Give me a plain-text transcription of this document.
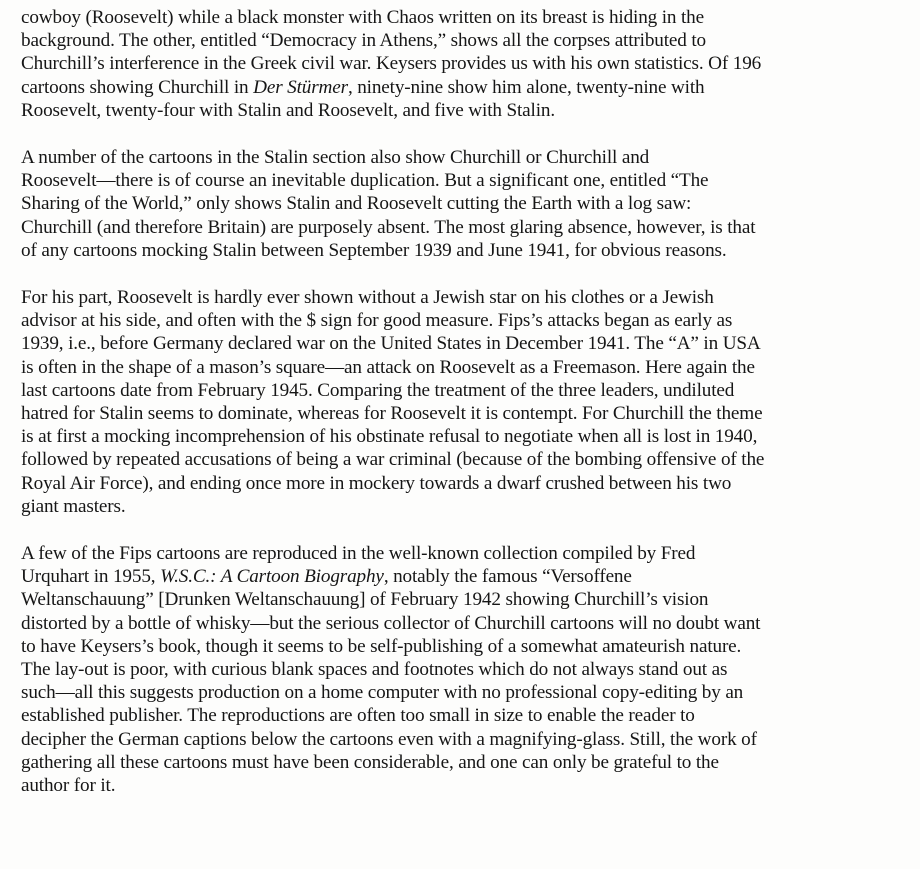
cowboy (Roosevelt) while a black monster with Chaos written on its breast is hiding in the
background. The other, entitled “Democracy in Athens,” shows all the corpses attributed to
Churchill’s interference in the Greek civil war. Keysers provides us with his own statistics. Of 196
cartoons showing Churchill in Der Stürmer, ninety-nine show him alone, twenty-nine with
Roosevelt, twenty-four with Stalin and Roosevelt, and five with Stalin.

A number of the cartoons in the Stalin section also show Churchill or Churchill and
Roosevelt—there is of course an inevitable duplication. But a significant one, entitled “The
Sharing of the World,” only shows Stalin and Roosevelt cutting the Earth with a log saw:
Churchill (and therefore Britain) are purposely absent. The most glaring absence, however, is that
of any cartoons mocking Stalin between September 1939 and June 1941, for obvious reasons.

For his part, Roosevelt is hardly ever shown without a Jewish star on his clothes or a Jewish
advisor at his side, and often with the $ sign for good measure. Fips’s attacks began as early as
1939, i.e., before Germany declared war on the United States in December 1941. The “A” in USA
is often in the shape of a mason’s square—an attack on Roosevelt as a Freemason. Here again the
last cartoons date from February 1945. Comparing the treatment of the three leaders, undiluted
hatred for Stalin seems to dominate, whereas for Roosevelt it is contempt. For Churchill the theme
is at first a mocking incomprehension of his obstinate refusal to negotiate when all is lost in 1940,
followed by repeated accusations of being a war criminal (because of the bombing offensive of the
Royal Air Force), and ending once more in mockery towards a dwarf crushed between his two
giant masters.

A few of the Fips cartoons are reproduced in the well-known collection compiled by Fred
Urquhart in 1955, W.S.C.: A Cartoon Biography, notably the famous “Versoffene
Weltanschauung” [Drunken Weltanschauung] of February 1942 showing Churchill’s vision
distorted by a bottle of whisky—but the serious collector of Churchill cartoons will no doubt want
to have Keysers’s book, though it seems to be self-publishing of a somewhat amateurish nature.
The lay-out is poor, with curious blank spaces and footnotes which do not always stand out as
such—all this suggests production on a home computer with no professional copy-editing by an
established publisher. The reproductions are often too small in size to enable the reader to
decipher the German captions below the cartoons even with a magnifying-glass. Still, the work of
gathering all these cartoons must have been considerable, and one can only be grateful to the
author for it.
